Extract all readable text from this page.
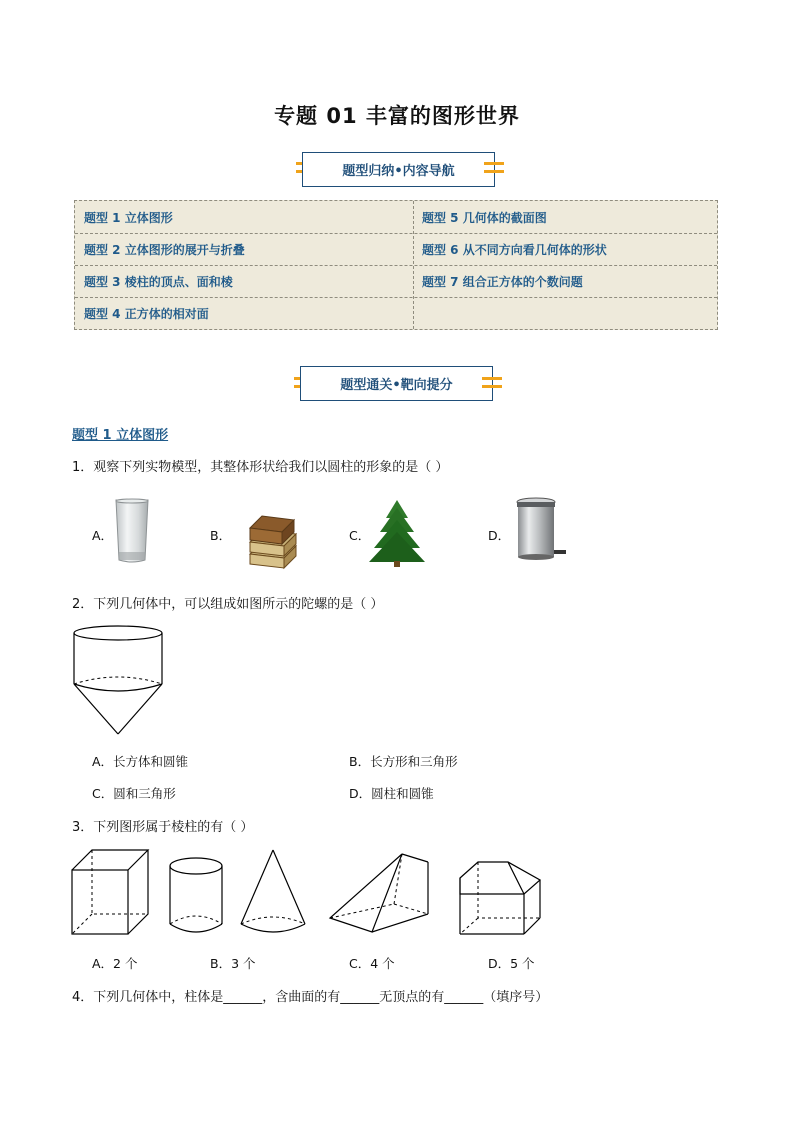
专题 01 丰富的图形世界
题型归纳•内容导航
题型 1 立体图形	题型 5 几何体的截面图
题型 2 立体图形的展开与折叠	题型 6 从不同方向看几何体的形状
题型 3 棱柱的顶点、面和棱	题型 7 组合正方体的个数问题
题型 4 正方体的相对面
题型通关•靶向提分
题型 1 立体图形
1．观察下列实物模型，其整体形状给我们以圆柱的形象的是（ ）
A．	B．	C．	D．
2．下列几何体中，可以组成如图所示的陀螺的是（ ）
A．长方体和圆锥	B．长方形和三角形
C．圆和三角形	D．圆柱和圆锥
3．下列图形属于棱柱的有（ ）
A．2 个	B．3 个	C．4 个	D．5 个
4．下列几何体中，柱体是______，含曲面的有______无顶点的有______（填序号）
